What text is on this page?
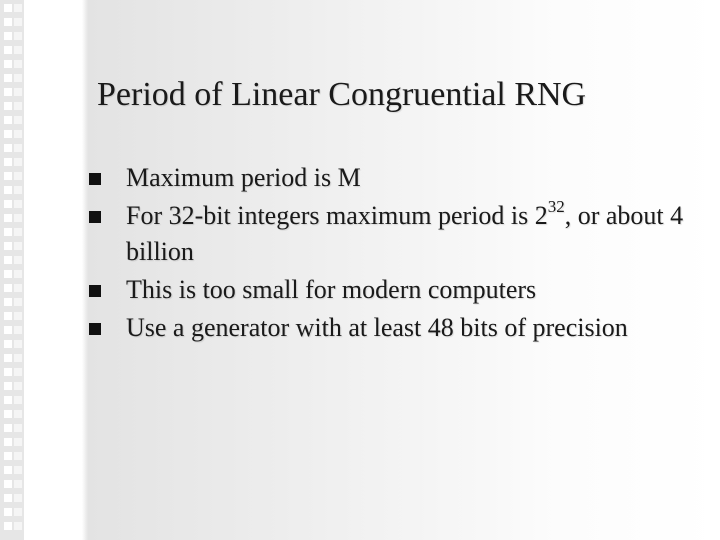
Period of Linear Congruential RNG
Maximum period is M
For 32-bit integers maximum period is $2^{32}$, or about 4 billion
This is too small for modern computers
Use a generator with at least 48 bits of precision
